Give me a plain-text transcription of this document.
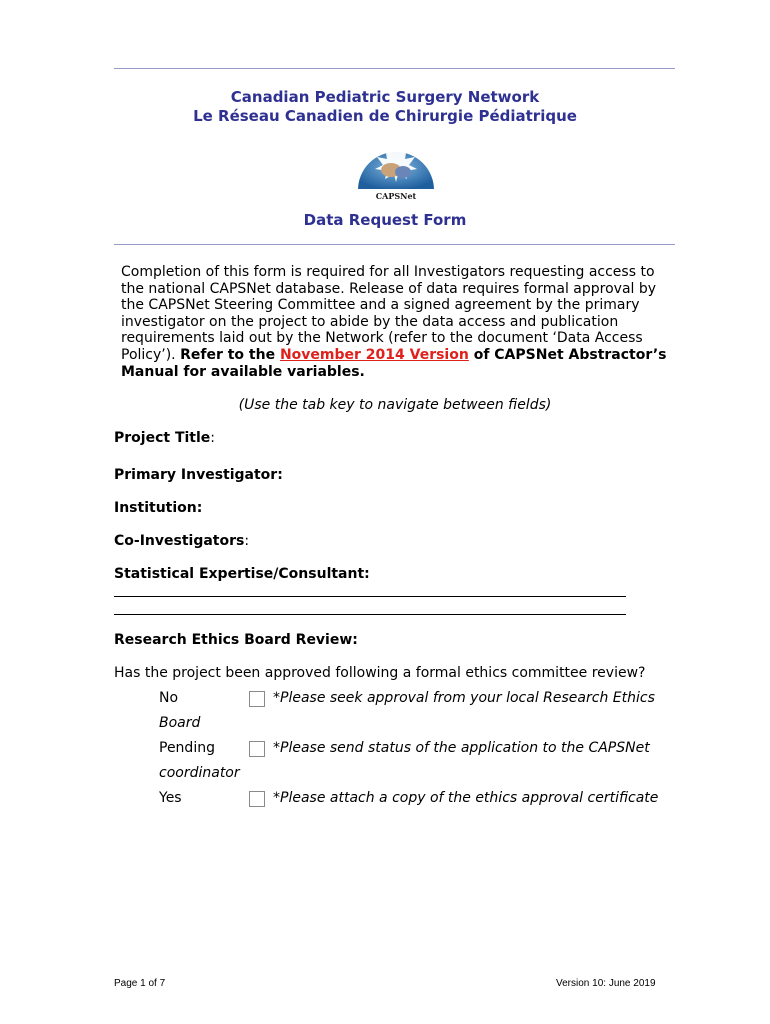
Canadian Pediatric Surgery Network
Le Réseau Canadien de Chirurgie Pédiatrique
CAPSNet
Data Request Form
Completion of this form is required for all Investigators requesting access to the national CAPSNet database. Release of data requires formal approval by the CAPSNet Steering Committee and a signed agreement by the primary investigator on the project to abide by the data access and publication requirements laid out by the Network (refer to the document ‘Data Access Policy’). Refer to the November 2014 Version of CAPSNet Abstractor’s Manual for available variables.
(Use the tab key to navigate between fields)
Project Title:
Primary Investigator:
Institution:
Co-Investigators:
Statistical Expertise/Consultant:
Research Ethics Board Review:
Has the project been approved following a formal ethics committee review?
No	*Please seek approval from your local Research Ethics
Board
Pending	*Please send status of the application to the CAPSNet
coordinator
Yes	*Please attach a copy of the ethics approval certificate
Page 1 of 7	Version 10: June 2019
